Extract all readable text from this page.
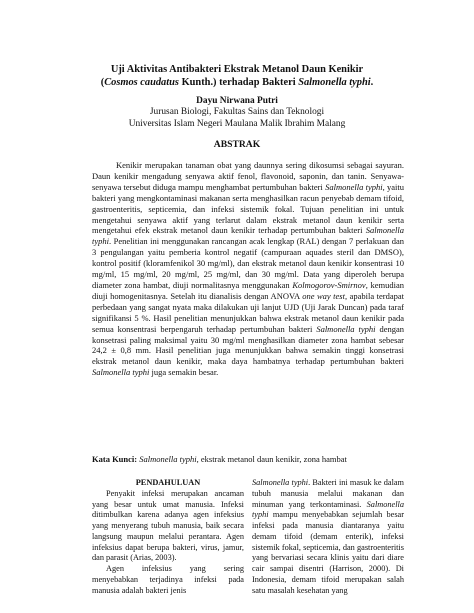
Uji Aktivitas Antibakteri Ekstrak Metanol Daun Kenikir
(Cosmos caudatus Kunth.) terhadap Bakteri Salmonella typhi.
Dayu Nirwana Putri
Jurusan Biologi, Fakultas Sains dan Teknologi
Universitas Islam Negeri Maulana Malik Ibrahim Malang
ABSTRAK

Kenikir merupakan tanaman obat yang daunnya sering dikosumsi sebagai sayuran. Daun kenikir mengadung senyawa aktif fenol, flavonoid, saponin, dan tanin. Senyawa-senyawa tersebut diduga mampu menghambat pertumbuhan bakteri Salmonella typhi, yaitu bakteri yang mengkontaminasi makanan serta menghasilkan racun penyebab demam tifoid, gastroenteritis, septicemia, dan infeksi sistemik fokal. Tujuan penelitian ini untuk mengetahui senyawa aktif yang terlarut dalam ekstrak metanol daun kenikir serta mengetahui efek ekstrak metanol daun kenikir terhadap pertumbuhan bakteri Salmonella typhi. Penelitian ini menggunakan rancangan acak lengkap (RAL) dengan 7 perlakuan dan 3 pengulangan yaitu pemberia kontrol negatif (campuraan aquades steril dan DMSO), kontrol positif (kloramfenikol 30 mg/ml), dan ekstrak metanol daun kenikir konsentrasi 10 mg/ml, 15 mg/ml, 20 mg/ml, 25 mg/ml, dan 30 mg/ml. Data yang diperoleh berupa diameter zona hambat, diuji normalitasnya menggunakan Kolmogorov-Smirnov, kemudian diuji homogenitasnya. Setelah itu dianalisis dengan ANOVA one way test, apabila terdapat perbedaan yang sangat nyata maka dilakukan uji lanjut UJD (Uji Jarak Duncan) pada taraf signifikansi 5 %. Hasil penelitian menunjukkan bahwa ekstrak metanol daun kenikir pada semua konsentrasi berpengaruh terhadap pertumbuhan bakteri Salmonella typhi dengan konsetrasi paling maksimal yaitu 30 mg/ml menghasilkan diameter zona hambat sebesar 24,2 ± 0,8 mm. Hasil penelitian juga menunjukkan bahwa semakin tinggi konsetrasi ekstrak metanol daun kenikir, maka daya hambatnya terhadap pertumbuhan bakteri Salmonella typhi juga semakin besar.

Kata Kunci: Salmonella typhi, ekstrak metanol daun kenikir, zona hambat
PENDAHULUAN

Penyakit infeksi merupakan ancaman yang besar untuk umat manusia. Infeksi ditimbulkan karena adanya agen infeksius yang menyerang tubuh manusia, baik secara langsung maupun melalui perantara. Agen infeksius dapat berupa bakteri, virus, jamur, dan parasit (Arias, 2003).

Agen infeksius yang sering menyebabkan terjadinya infeksi pada manusia adalah bakteri jenis

Salmonella typhi. Bakteri ini masuk ke dalam tubuh manusia melalui makanan dan minuman yang terkontaminasi. Salmonella typhi mampu menyebabkan sejumlah besar infeksi pada manusia diantaranya yaitu demam tifoid (demam enterik), infeksi sistemik fokal, septicemia, dan gastroenteritis yang bervariasi secara klinis yaitu dari diare cair sampai disentri (Harrison, 2000). Di Indonesia, demam tifoid merupakan salah satu masalah kesehatan yang
